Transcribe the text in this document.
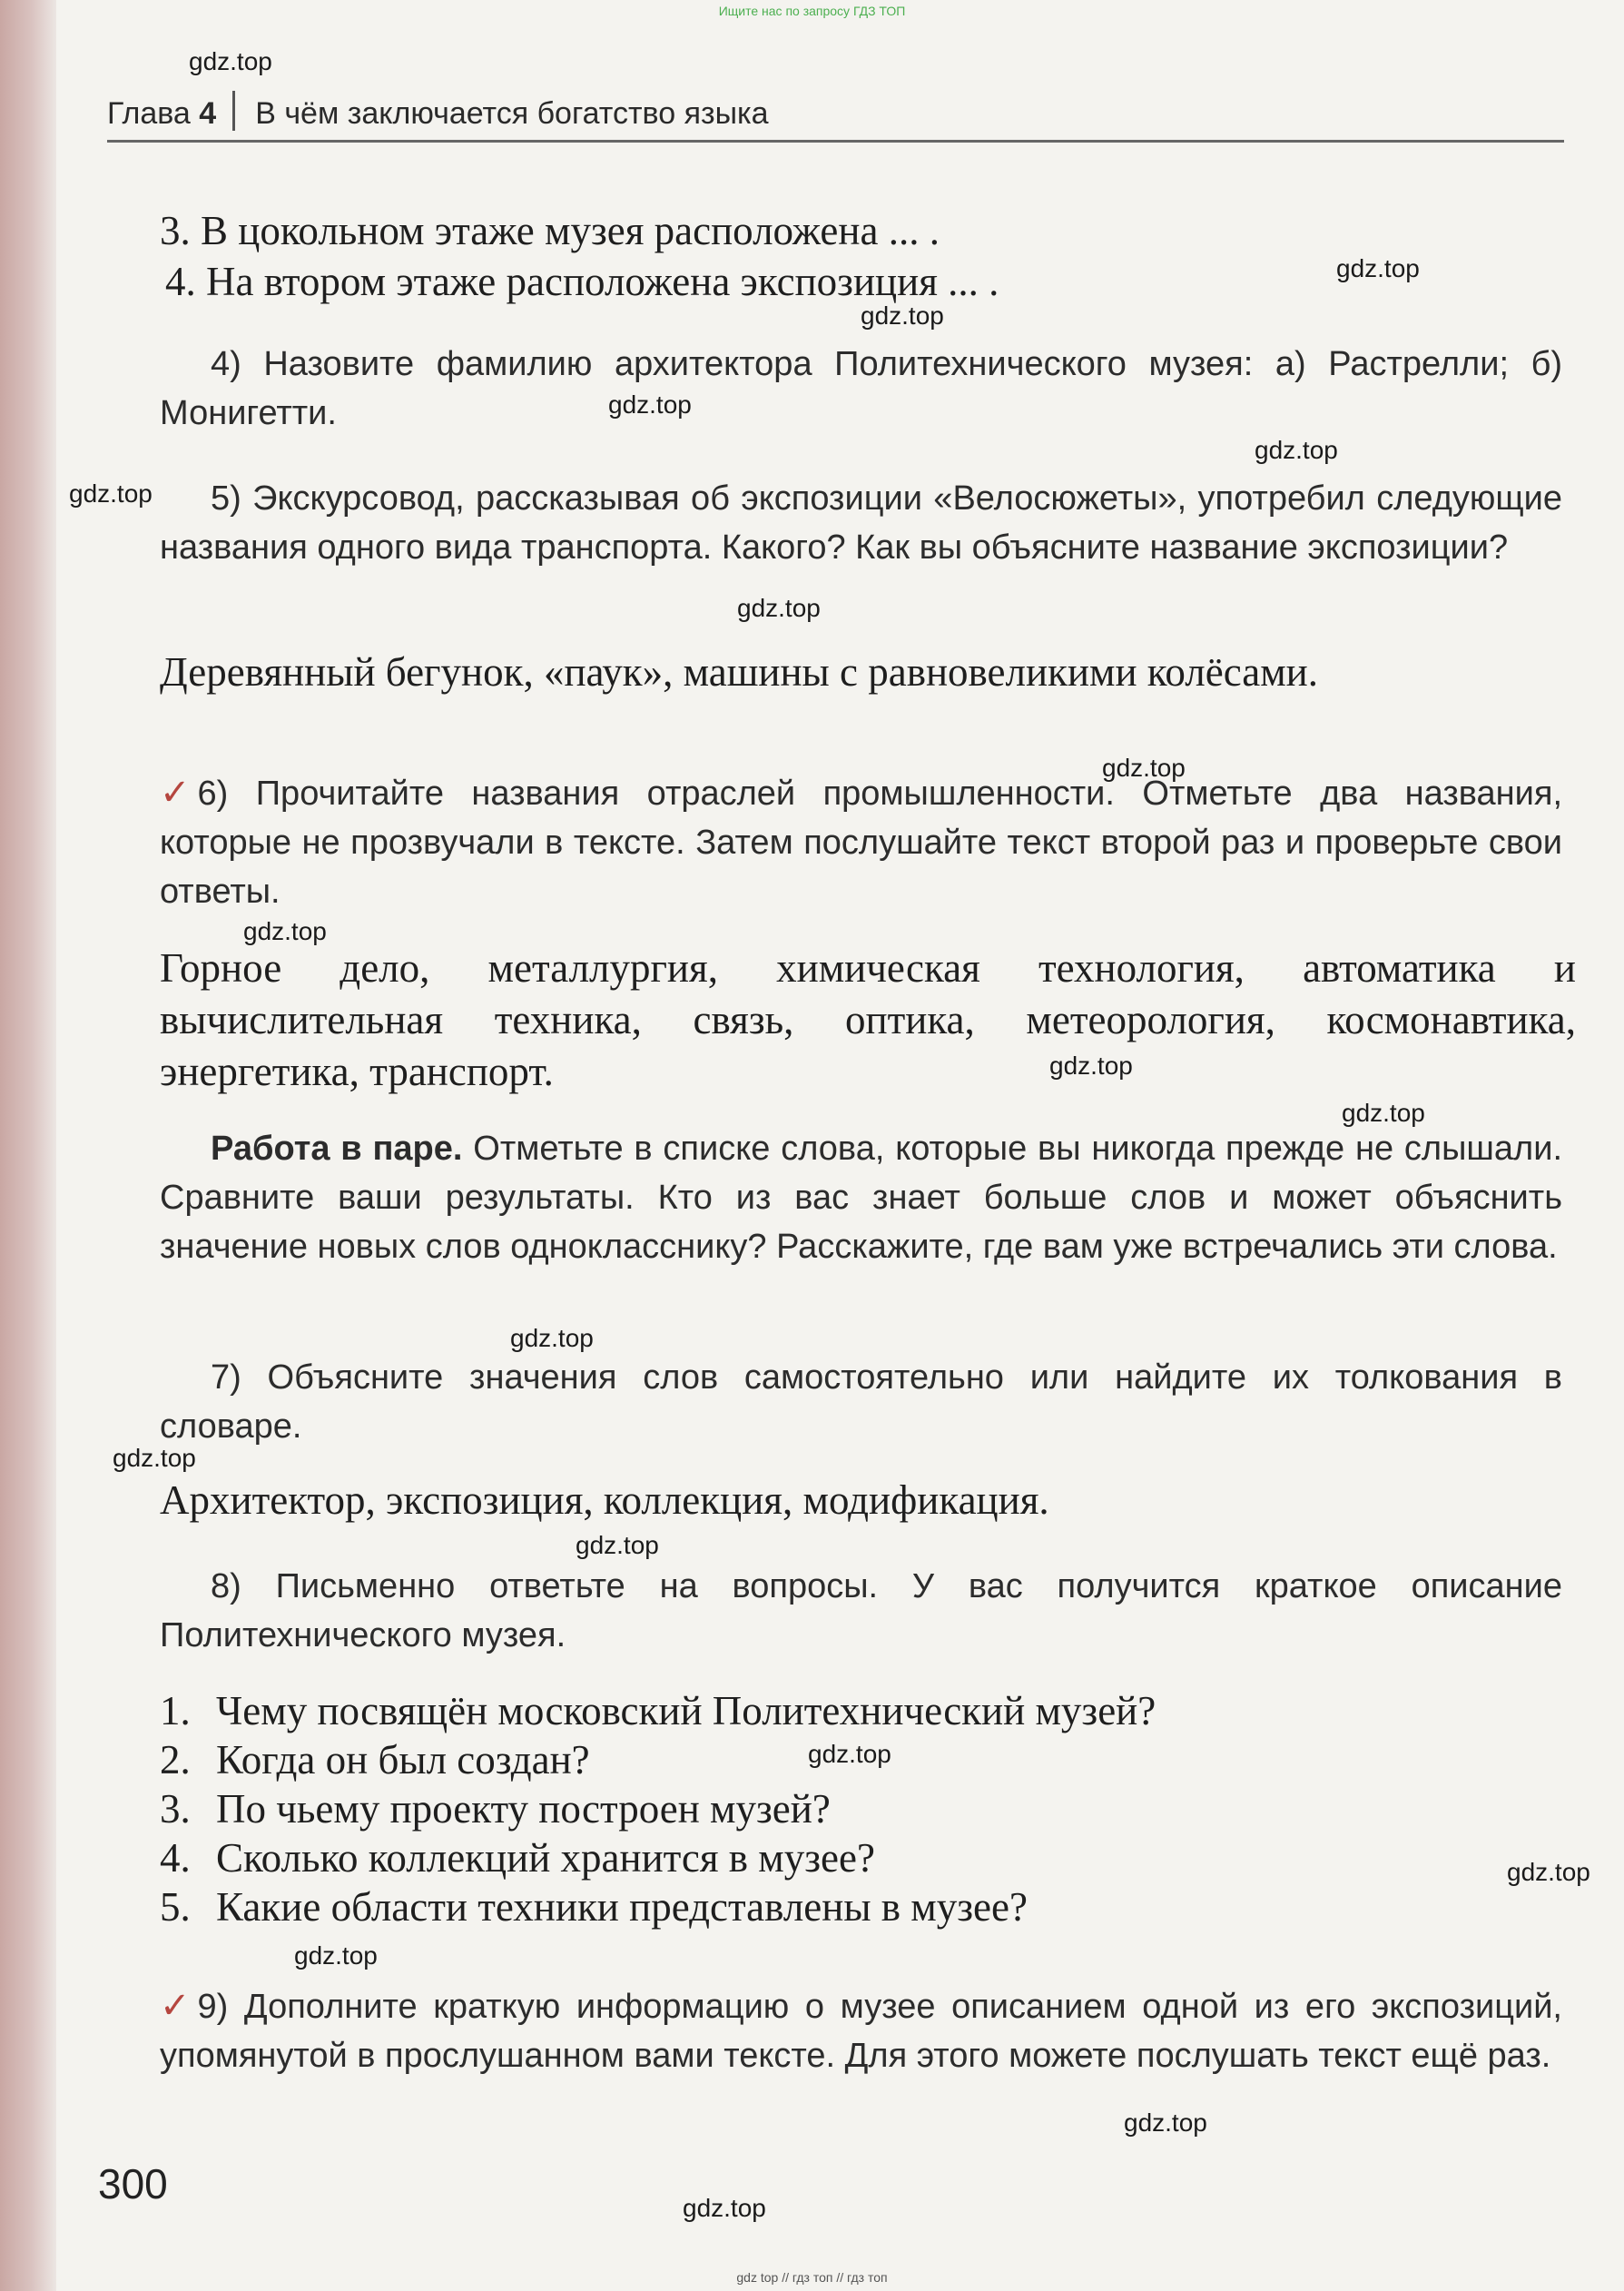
Ищите нас по запросу ГДЗ ТОП
gdz.top
gdz.top
gdz.top
gdz.top
gdz.top
gdz.top
gdz.top
gdz.top
gdz.top
gdz.top
gdz.top
gdz.top
gdz.top
gdz.top
gdz.top
gdz.top
gdz.top
gdz.top
gdz.top
Глава 4 В чём заключается богатство языка
3. В цокольном этаже музея расположена ... .
4. На втором этаже расположена экспозиция ... .
4) Назовите фамилию архитектора Политехнического музея: а) Растрелли; б) Монигетти.
5) Экскурсовод, рассказывая об экспозиции «Велосюжеты», употребил следующие названия одного вида транспорта. Какого? Как вы объясните название экспозиции?
Деревянный бегунок, «паук», машины с равновеликими колёсами.
✓ 6) Прочитайте названия отраслей промышленности. Отметьте два названия, которые не прозвучали в тексте. Затем послушайте текст второй раз и проверьте свои ответы.
Горное дело, металлургия, химическая технология, автоматика и вычислительная техника, связь, оптика, метеорология, космонавтика, энергетика, транспорт.
Работа в паре. Отметьте в списке слова, которые вы никогда прежде не слышали. Сравните ваши результаты. Кто из вас знает больше слов и может объяснить значение новых слов однокласснику? Расскажите, где вам уже встречались эти слова.
7) Объясните значения слов самостоятельно или найдите их толкования в словаре.
Архитектор, экспозиция, коллекция, модификация.
8) Письменно ответьте на вопросы. У вас получится краткое описание Политехнического музея.
1. Чему посвящён московский Политехнический музей?
2. Когда он был создан?
3. По чьему проекту построен музей?
4. Сколько коллекций хранится в музее?
5. Какие области техники представлены в музее?
✓ 9) Дополните краткую информацию о музее описанием одной из его экспозиций, упомянутой в прослушанном вами тексте. Для этого можете послушать текст ещё раз.
300
gdz top // гдз топ // гдз топ
